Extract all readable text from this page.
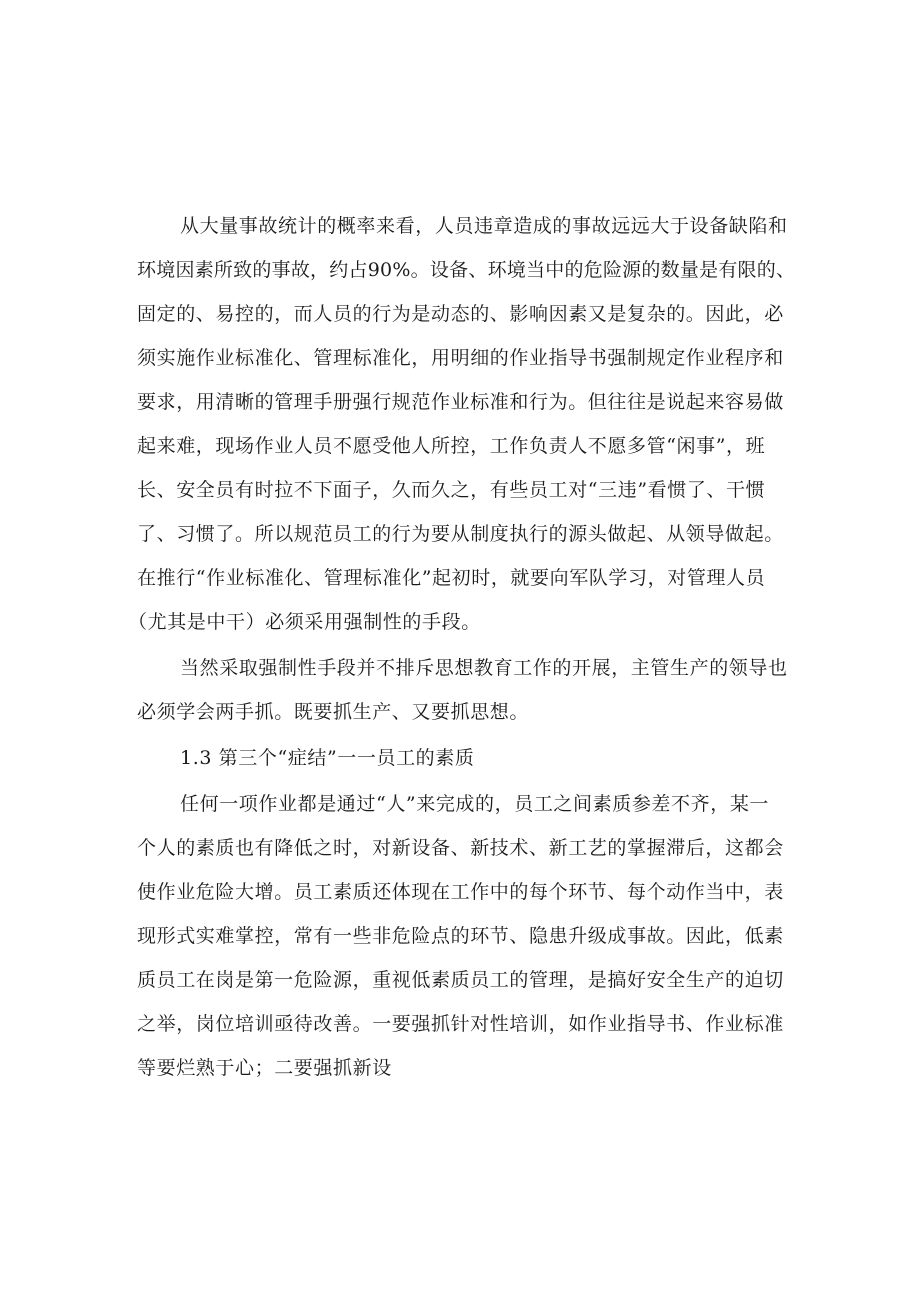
从大量事故统计的概率来看，人员违章造成的事故远远大于设备缺陷和
环境因素所致的事故，约占90%。设备、环境当中的危险源的数量是有限的、
固定的、易控的，而人员的行为是动态的、影响因素又是复杂的。因此，必
须实施作业标准化、管理标准化，用明细的作业指导书强制规定作业程序和
要求，用清晰的管理手册强行规范作业标准和行为。但往往是说起来容易做
起来难，现场作业人员不愿受他人所控，工作负责人不愿多管“闲事”，班
长、安全员有时拉不下面子，久而久之，有些员工对“三违”看惯了、干惯
了、习惯了。所以规范员工的行为要从制度执行的源头做起、从领导做起。
在推行“作业标准化、管理标准化”起初时，就要向军队学习，对管理人员
（尤其是中干）必须采用强制性的手段。
当然采取强制性手段并不排斥思想教育工作的开展，主管生产的领导也
必须学会两手抓。既要抓生产、又要抓思想。
1.3 第三个“症结”一一员工的素质
任何一项作业都是通过“人”来完成的，员工之间素质参差不齐，某一
个人的素质也有降低之时，对新设备、新技术、新工艺的掌握滞后，这都会
使作业危险大增。员工素质还体现在工作中的每个环节、每个动作当中，表
现形式实难掌控，常有一些非危险点的环节、隐患升级成事故。因此，低素
质员工在岗是第一危险源，重视低素质员工的管理，是搞好安全生产的迫切
之举，岗位培训亟待改善。一要强抓针对性培训，如作业指导书、作业标准
等要烂熟于心；二要强抓新设
